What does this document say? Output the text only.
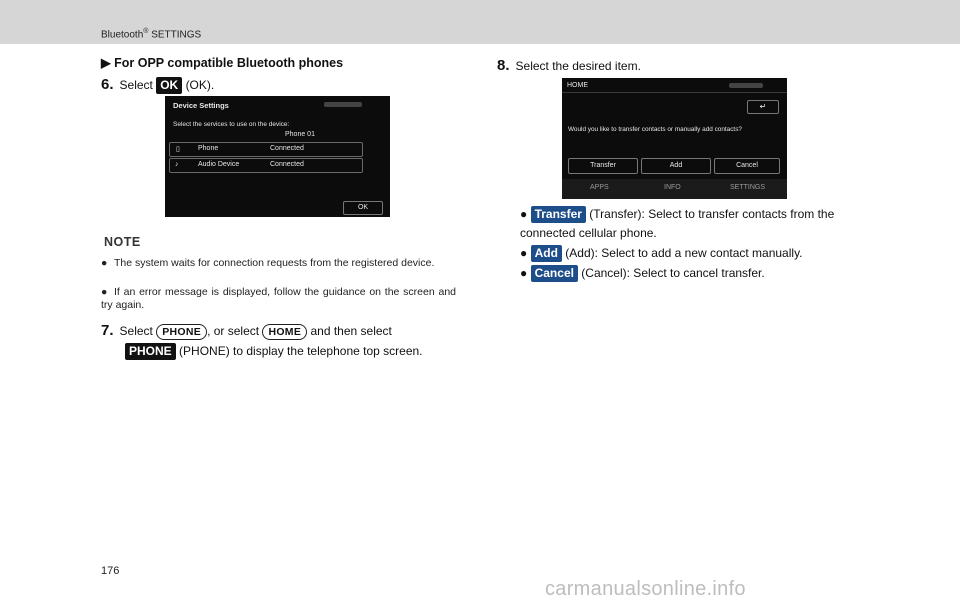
Bluetooth® SETTINGS
▶ For OPP compatible Bluetooth phones
6. Select OK (OK).
Device Settings
Select the services to use on the device:
Phone 01
▯	Phone	Connected
♪	Audio Device	Connected
OK
NOTE
● The system waits for connection requests from the registered device.
● If an error message is displayed, follow the guidance on the screen and try again.
7. Select PHONE , or select HOME and then select
PHONE (PHONE) to display the telephone top screen.
8. Select the desired item.
HOME
↵
Would you like to transfer contacts or manually add contacts?
Transfer	Add	Cancel
APPS	INFO	SETTINGS
● Transfer (Transfer): Select to transfer contacts from the connected cellular phone.
● Add (Add): Select to add a new contact manually.
● Cancel (Cancel): Select to cancel transfer.
176
carmanualsonline.info
